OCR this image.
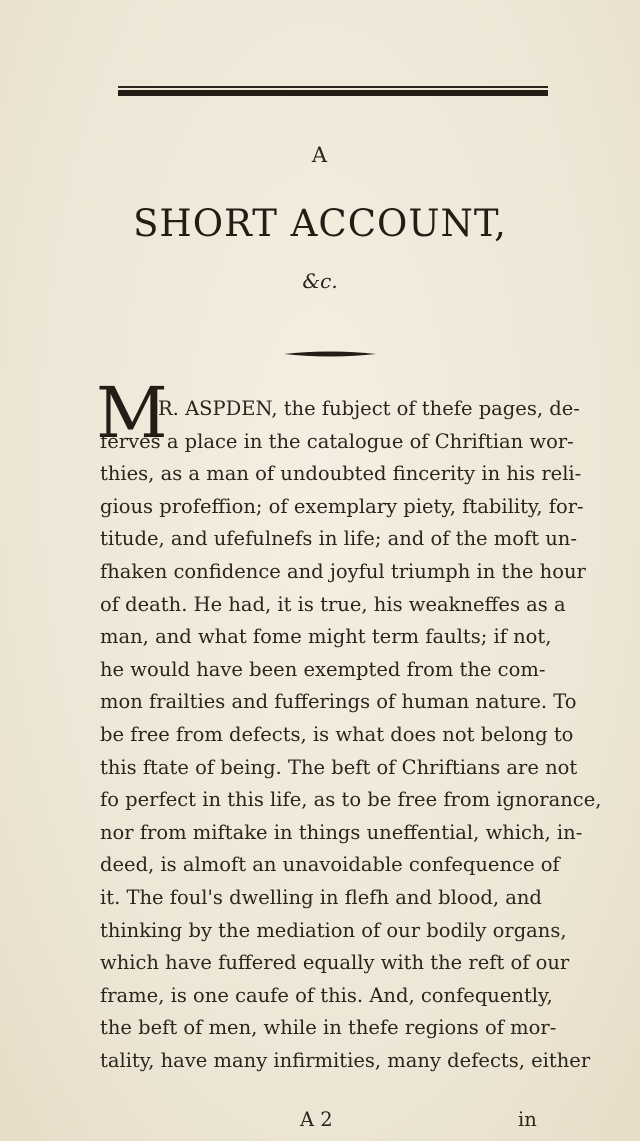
A
SHORT ACCOUNT,
&c.
M
R. ASPDEN, the fubject of thefe pages, de-
ferves a place in the catalogue of Chriftian wor-
thies, as a man of undoubted fincerity in his reli-
gious profeffion; of exemplary piety, ftability, for-
titude, and ufefulnefs in life; and of the moft un-
fhaken confidence and joyful triumph in the hour
of death. He had, it is true, his weakneffes as a
man, and what fome might term faults; if not,
he would have been exempted from the com-
mon frailties and fufferings of human nature. To
be free from defects, is what does not belong to
this ftate of being. The beft of Chriftians are not
fo perfect in this life, as to be free from ignorance,
nor from miftake in things uneffential, which, in-
deed, is almoft an unavoidable confequence of
it. The foul's dwelling in flefh and blood, and
thinking by the mediation of our bodily organs,
which have fuffered equally with the reft of our
frame, is one caufe of this. And, confequently,
the beft of men, while in thefe regions of mor-
tality, have many infirmities, many defects, either
A 2	in
